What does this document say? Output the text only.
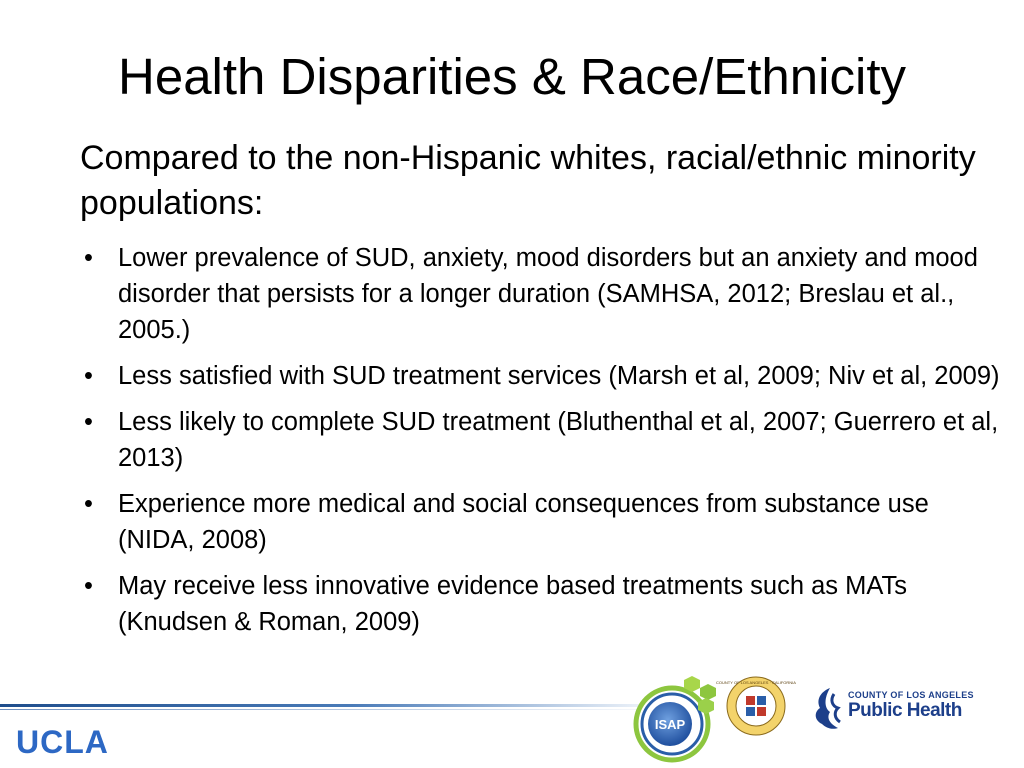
Health Disparities & Race/Ethnicity
Compared to the non-Hispanic whites, racial/ethnic minority populations:
• Lower prevalence of SUD, anxiety, mood disorders but an anxiety and mood disorder that persists for a longer duration (SAMHSA, 2012; Breslau et al., 2005.)
• Less satisfied with SUD treatment services (Marsh et al, 2009; Niv et al, 2009)
• Less likely to complete SUD treatment (Bluthenthal et al, 2007; Guerrero et al, 2013)
• Experience more medical and social consequences from substance use (NIDA, 2008)
• May receive less innovative evidence based treatments such as MATs (Knudsen & Roman, 2009)
UCLA	ISAP
COUNTY OF LOS ANGELES · CALIFORNIA
COUNTY OF LOS ANGELES
Public Health
